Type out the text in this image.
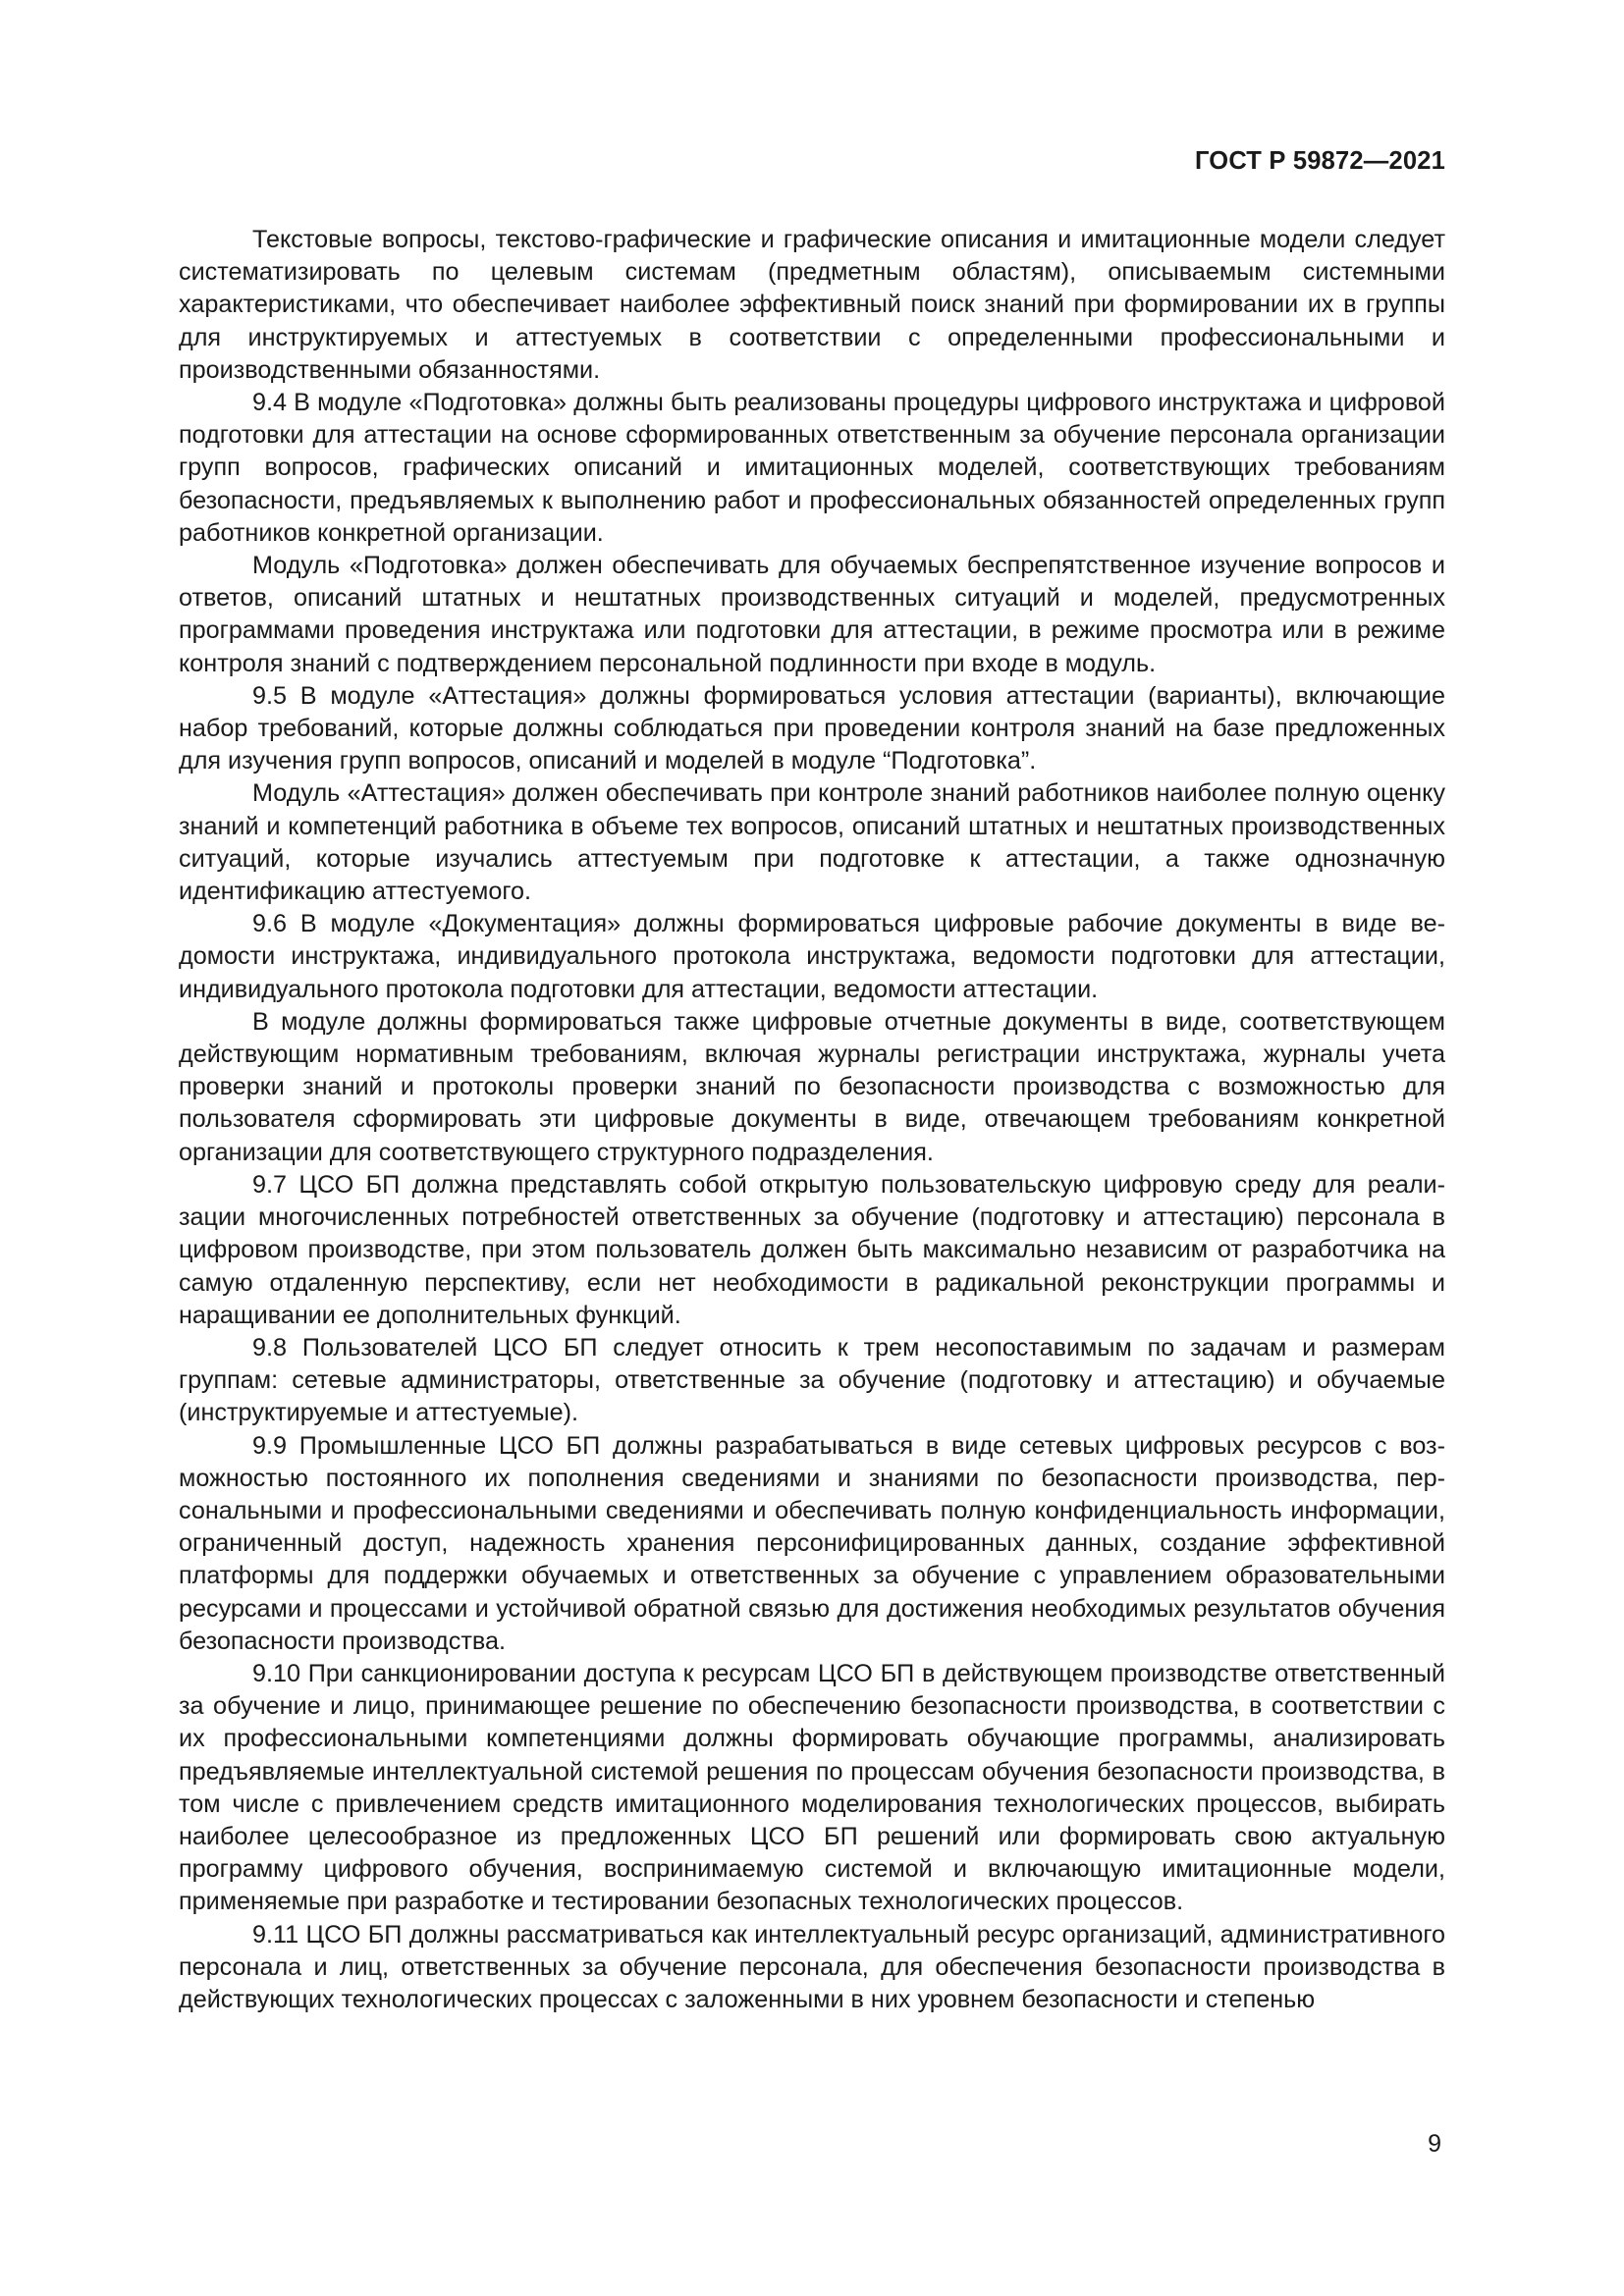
ГОСТ Р 59872—2021

Текстовые вопросы, текстово-графические и графические описания и имитационные модели следует систематизировать по целевым системам (предметным областям), описываемым системными характеристиками, что обеспечивает наиболее эффективный поиск знаний при формировании их в группы для инструктируемых и аттестуемых в соответствии с определенными профессиональными и производственными обязанностями.

9.4 В модуле «Подготовка» должны быть реализованы процедуры цифрового инструктажа и цифровой подготовки для аттестации на основе сформированных ответственным за обучение персонала организации групп вопросов, графических описаний и имитационных моделей, соответствующих требованиям безопасности, предъявляемых к выполнению работ и профессиональных обязанностей определенных групп работников конкретной организации.

Модуль «Подготовка» должен обеспечивать для обучаемых беспрепятственное изучение вопросов и ответов, описаний штатных и нештатных производственных ситуаций и моделей, предусмотренных программами проведения инструктажа или подготовки для аттестации, в режиме просмотра или в режиме контроля знаний с подтверждением персональной подлинности при входе в модуль.

9.5 В модуле «Аттестация» должны формироваться условия аттестации (варианты), включающие набор требований, которые должны соблюдаться при проведении контроля знаний на базе предложенных для изучения групп вопросов, описаний и моделей в модуле “Подготовка”.

Модуль «Аттестация» должен обеспечивать при контроле знаний работников наиболее полную оценку знаний и компетенций работника в объеме тех вопросов, описаний штатных и нештатных производственных ситуаций, которые изучались аттестуемым при подготовке к аттестации, а также однозначную идентификацию аттестуемого.

9.6 В модуле «Документация» должны формироваться цифровые рабочие документы в виде ведомости инструктажа, индивидуального протокола инструктажа, ведомости подготовки для аттестации, индивидуального протокола подготовки для аттестации, ведомости аттестации.

В модуле должны формироваться также цифровые отчетные документы в виде, соответствующем действующим нормативным требованиям, включая журналы регистрации инструктажа, журналы учета проверки знаний и протоколы проверки знаний по безопасности производства с возможностью для пользователя сформировать эти цифровые документы в виде, отвечающем требованиям конкретной организации для соответствующего структурного подразделения.

9.7 ЦСО БП должна представлять собой открытую пользовательскую цифровую среду для реализации многочисленных потребностей ответственных за обучение (подготовку и аттестацию) персонала в цифровом производстве, при этом пользователь должен быть максимально независим от разработчика на самую отдаленную перспективу, если нет необходимости в радикальной реконструкции программы и наращивании ее дополнительных функций.

9.8 Пользователей ЦСО БП следует относить к трем несопоставимым по задачам и размерам группам: сетевые администраторы, ответственные за обучение (подготовку и аттестацию) и обучаемые (инструктируемые и аттестуемые).

9.9 Промышленные ЦСО БП должны разрабатываться в виде сетевых цифровых ресурсов с возможностью постоянного их пополнения сведениями и знаниями по безопасности производства, персональными и профессиональными сведениями и обеспечивать полную конфиденциальность информации, ограниченный доступ, надежность хранения персонифицированных данных, создание эффективной платформы для поддержки обучаемых и ответственных за обучение с управлением образовательными ресурсами и процессами и устойчивой обратной связью для достижения необходимых результатов обучения безопасности производства.

9.10 При санкционировании доступа к ресурсам ЦСО БП в действующем производстве ответственный за обучение и лицо, принимающее решение по обеспечению безопасности производства, в соответствии с их профессиональными компетенциями должны формировать обучающие программы, анализировать предъявляемые интеллектуальной системой решения по процессам обучения безопасности производства, в том числе с привлечением средств имитационного моделирования технологических процессов, выбирать наиболее целесообразное из предложенных ЦСО БП решений или формировать свою актуальную программу цифрового обучения, воспринимаемую системой и включающую имитационные модели, применяемые при разработке и тестировании безопасных технологических процессов.

9.11 ЦСО БП должны рассматриваться как интеллектуальный ресурс организаций, административного персонала и лиц, ответственных за обучение персонала, для обеспечения безопасности производства в действующих технологических процессах с заложенными в них уровнем безопасности и степенью

9
